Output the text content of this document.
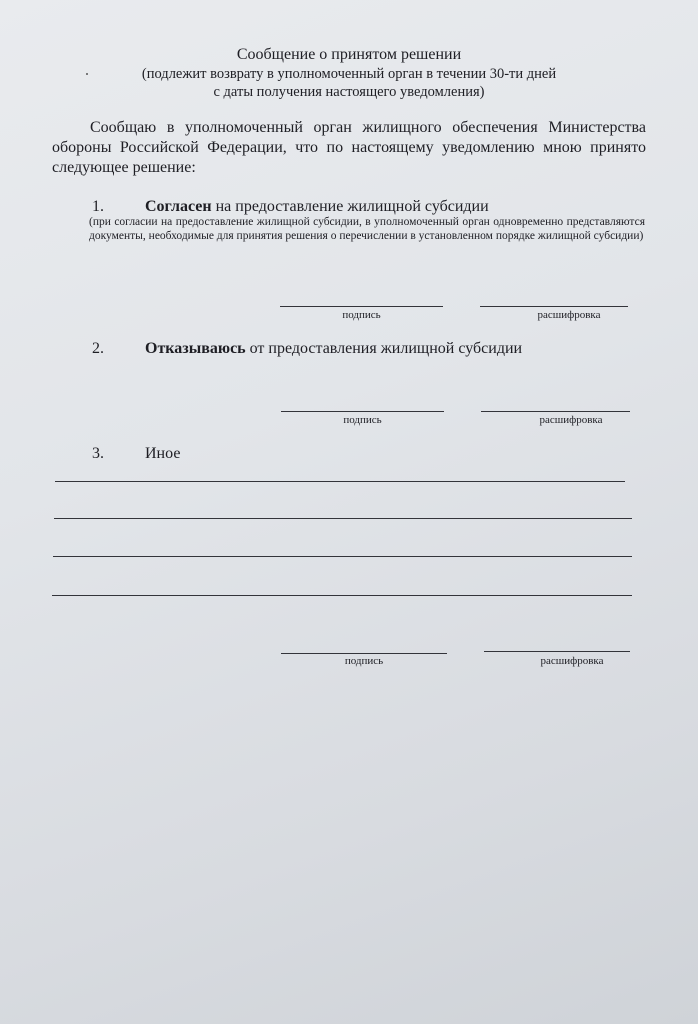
Сообщение о принятом решении
(подлежит возврату в уполномоченный орган в течении 30-ти дней
с даты получения настоящего уведомления)
Сообщаю в уполномоченный орган жилищного обеспечения Министерства обороны Российской Федерации, что по настоящему уведомлению мною принято следующее решение:
1.	Согласен на предоставление жилищной субсидии
(при согласии на предоставление жилищной субсидии, в уполномоченный орган одновременно представляются документы, необходимые для принятия решения о перечислении в установленном порядке жилищной субсидии)
подпись	расшифровка
2.	Отказываюсь от предоставления жилищной субсидии
подпись	расшифровка
3.	Иное
подпись	расшифровка
